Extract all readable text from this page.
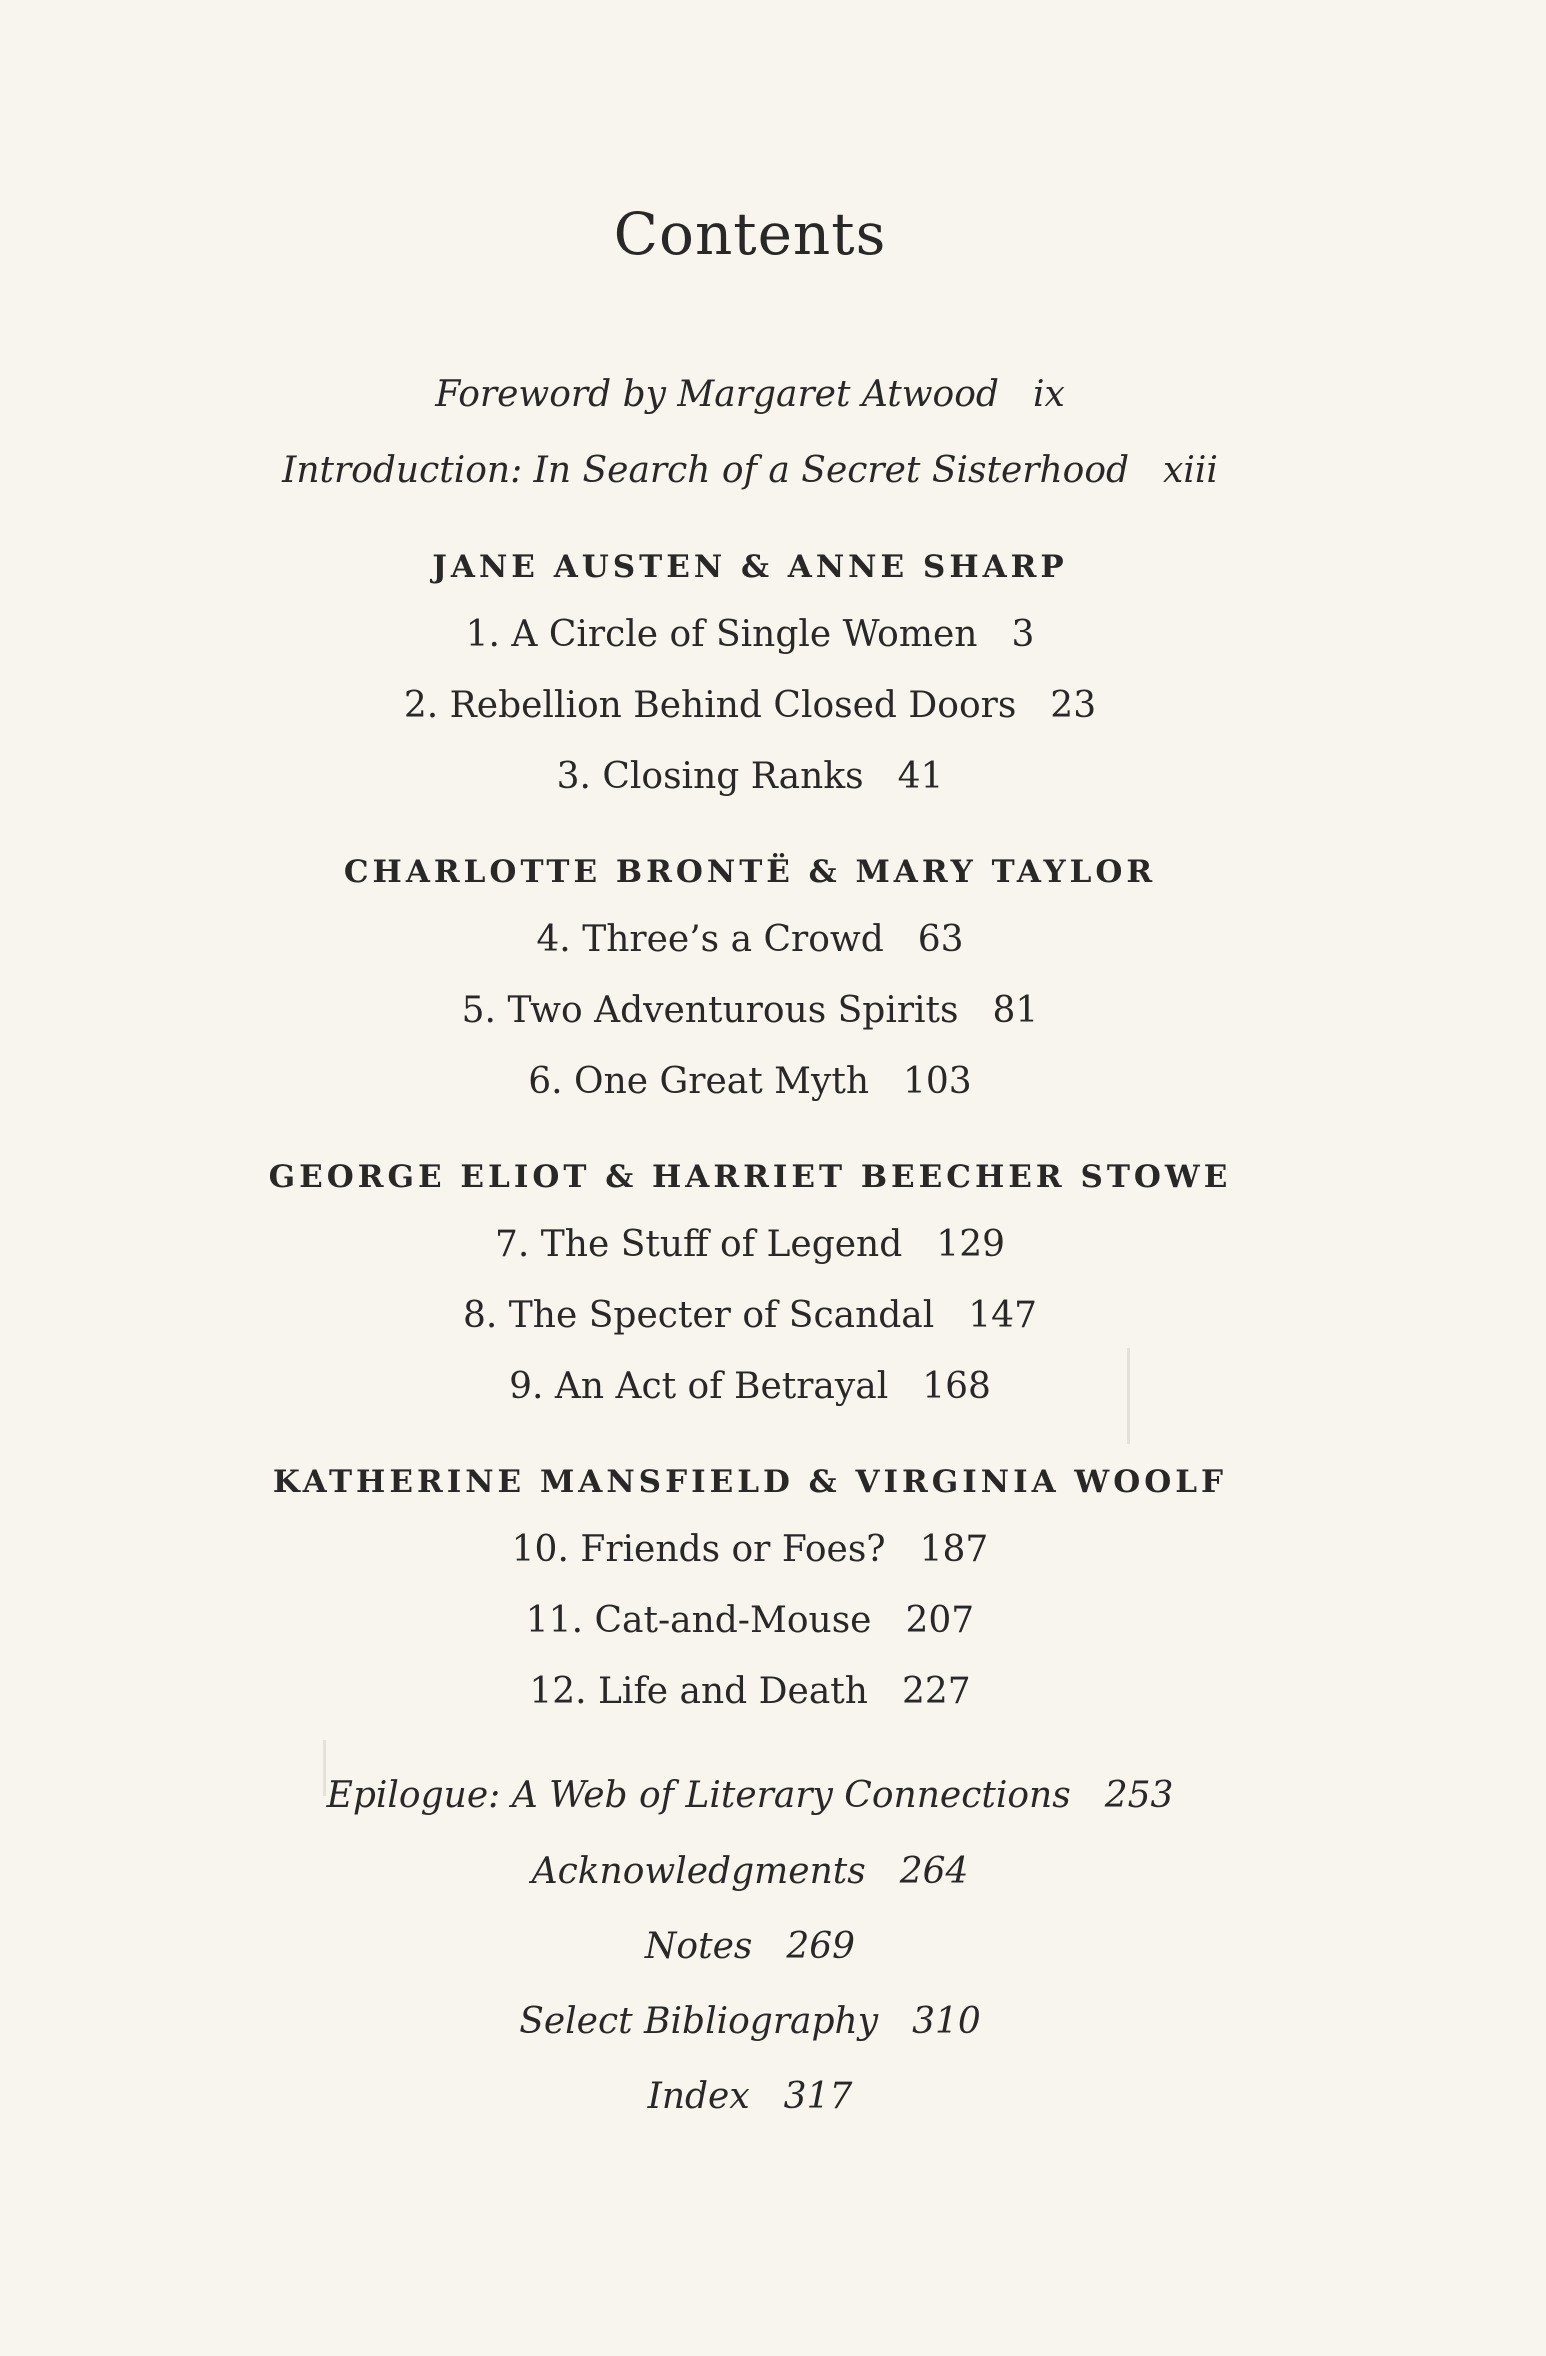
Contents
Foreword by Margaret Atwood ix
Introduction: In Search of a Secret Sisterhood xiii
JANE AUSTEN & ANNE SHARP
1. A Circle of Single Women 3
2. Rebellion Behind Closed Doors 23
3. Closing Ranks 41
CHARLOTTE BRONTË & MARY TAYLOR
4. Three’s a Crowd 63
5. Two Adventurous Spirits 81
6. One Great Myth 103
GEORGE ELIOT & HARRIET BEECHER STOWE
7. The Stuff of Legend 129
8. The Specter of Scandal 147
9. An Act of Betrayal 168
KATHERINE MANSFIELD & VIRGINIA WOOLF
10. Friends or Foes? 187
11. Cat-and-Mouse 207
12. Life and Death 227
Epilogue: A Web of Literary Connections 253
Acknowledgments 264
Notes 269
Select Bibliography 310
Index 317
